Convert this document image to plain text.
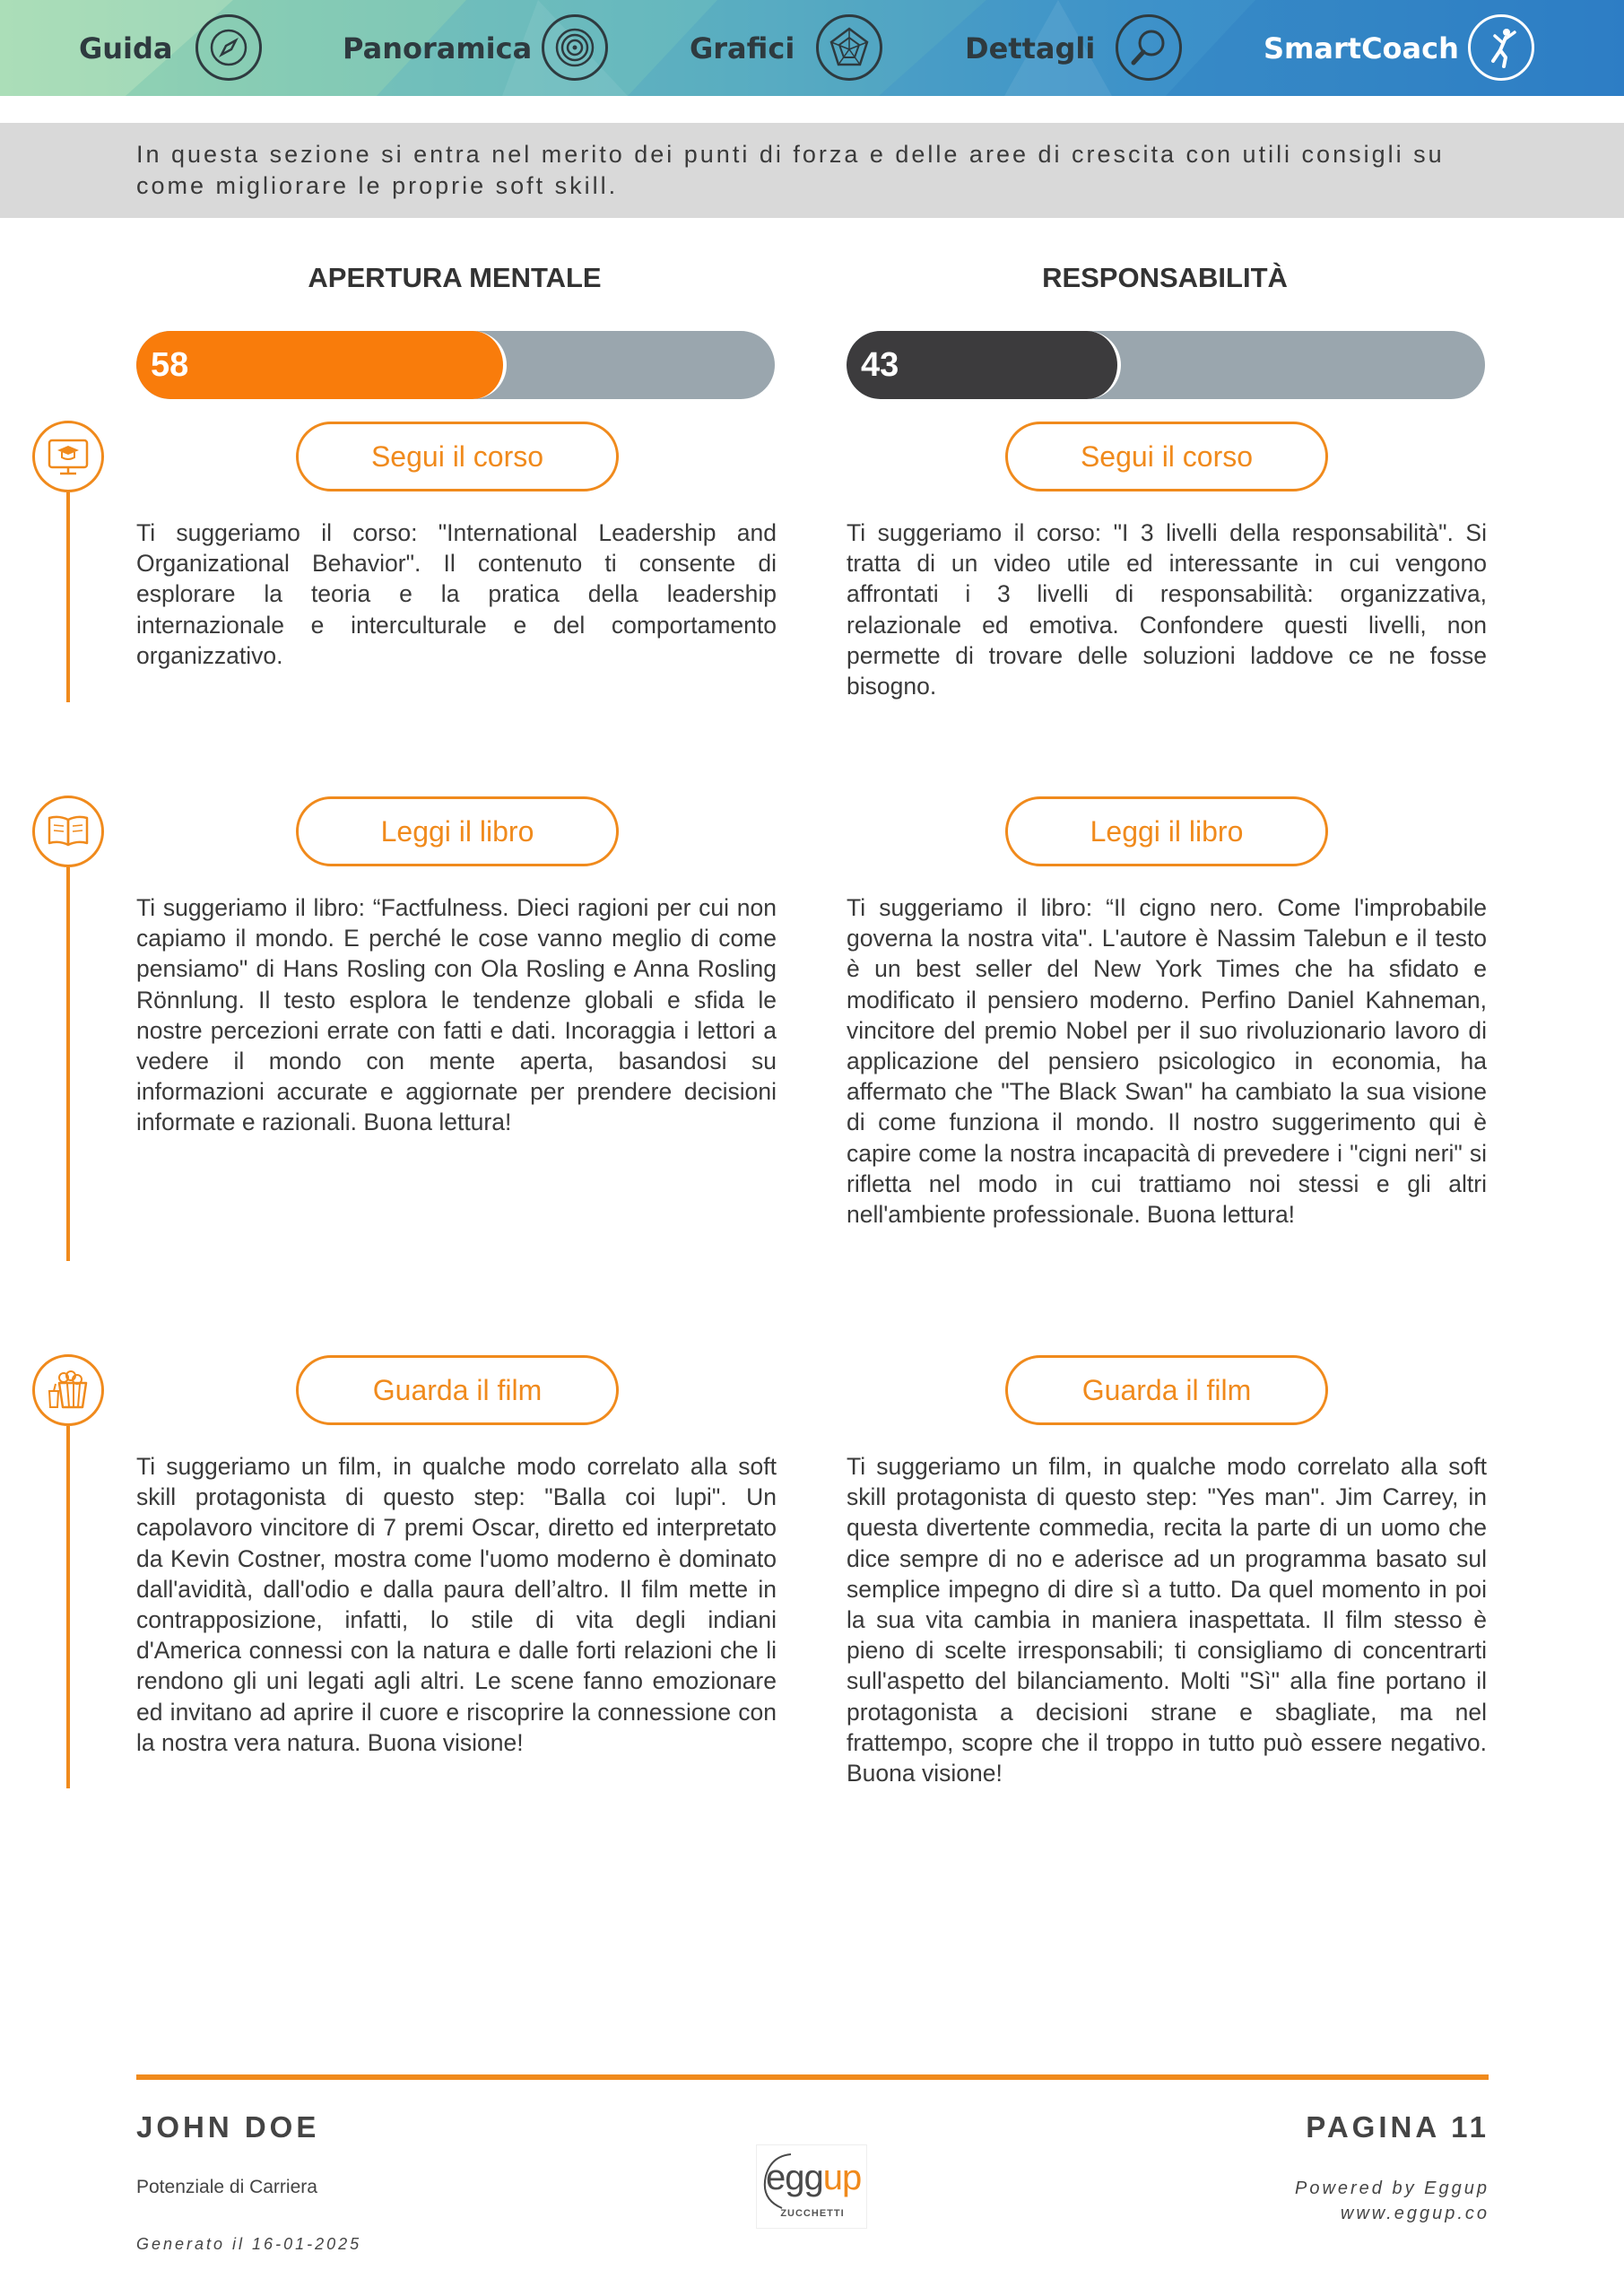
Guida	Panoramica	Grafici	Dettagli	SmartCoach

In questa sezione si entra nel merito dei punti di forza e delle aree di crescita con utili consigli su come migliorare le proprie soft skill.

APERTURA MENTALE	RESPONSABILITÀ
58	43
Segui il corso	Segui il corso
Ti suggeriamo il corso: "International Leadership and Organizational Behavior". Il contenuto ti consente di esplorare la teoria e la pratica della leadership internazionale e interculturale e del comportamento organizzativo.
Ti suggeriamo il corso: "I 3 livelli della responsabilità". Si tratta di un video utile ed interessante in cui vengono affrontati i 3 livelli di responsabilità: organizzativa, relazionale ed emotiva. Confondere questi livelli, non permette di trovare delle soluzioni laddove ce ne fosse bisogno.
Leggi il libro	Leggi il libro
Ti suggeriamo il libro: “Factfulness. Dieci ragioni per cui non capiamo il mondo. E perché le cose vanno meglio di come pensiamo" di Hans Rosling con Ola Rosling e Anna Rosling Rönnlung. Il testo esplora le tendenze globali e sfida le nostre percezioni errate con fatti e dati. Incoraggia i lettori a vedere il mondo con mente aperta, basandosi su informazioni accurate e aggiornate per prendere decisioni informate e razionali. Buona lettura!
Ti suggeriamo il libro: “Il cigno nero. Come l'improbabile governa la nostra vita". L'autore è Nassim Talebun e il testo è un best seller del New York Times che ha sfidato e modificato il pensiero moderno. Perfino Daniel Kahneman, vincitore del premio Nobel per il suo rivoluzionario lavoro di applicazione del pensiero psicologico in economia, ha affermato che "The Black Swan" ha cambiato la sua visione di come funziona il mondo. Il nostro suggerimento qui è capire come la nostra incapacità di prevedere i "cigni neri" si rifletta nel modo in cui trattiamo noi stessi e gli altri nell'ambiente professionale. Buona lettura!
Guarda il film	Guarda il film
Ti suggeriamo un film, in qualche modo correlato alla soft skill protagonista di questo step: "Balla coi lupi". Un capolavoro vincitore di 7 premi Oscar, diretto ed interpretato da Kevin Costner, mostra come l'uomo moderno è dominato dall'avidità, dall'odio e dalla paura dell’altro. Il film mette in contrapposizione, infatti, lo stile di vita degli indiani d'America connessi con la natura e dalle forti relazioni che li rendono gli uni legati agli altri. Le scene fanno emozionare ed invitano ad aprire il cuore e riscoprire la connessione con la nostra vera natura. Buona visione!
Ti suggeriamo un film, in qualche modo correlato alla soft skill protagonista di questo step: "Yes man". Jim Carrey, in questa divertente commedia, recita la parte di un uomo che dice sempre di no e aderisce ad un programma basato sul semplice impegno di dire sì a tutto. Da quel momento in poi la sua vita cambia in maniera inaspettata. Il film stesso è pieno di scelte irresponsabili; ti consigliamo di concentrarti sull'aspetto del bilanciamento. Molti "Sì" alla fine portano il protagonista a decisioni strane e sbagliate, ma nel frattempo, scopre che il troppo in tutto può essere negativo. Buona visione!
JOHN DOE
Potenziale di Carriera
Generato il 16-01-2025
eggup
ZUCCHETTI
PAGINA 11
Powered by Eggup
www.eggup.co
